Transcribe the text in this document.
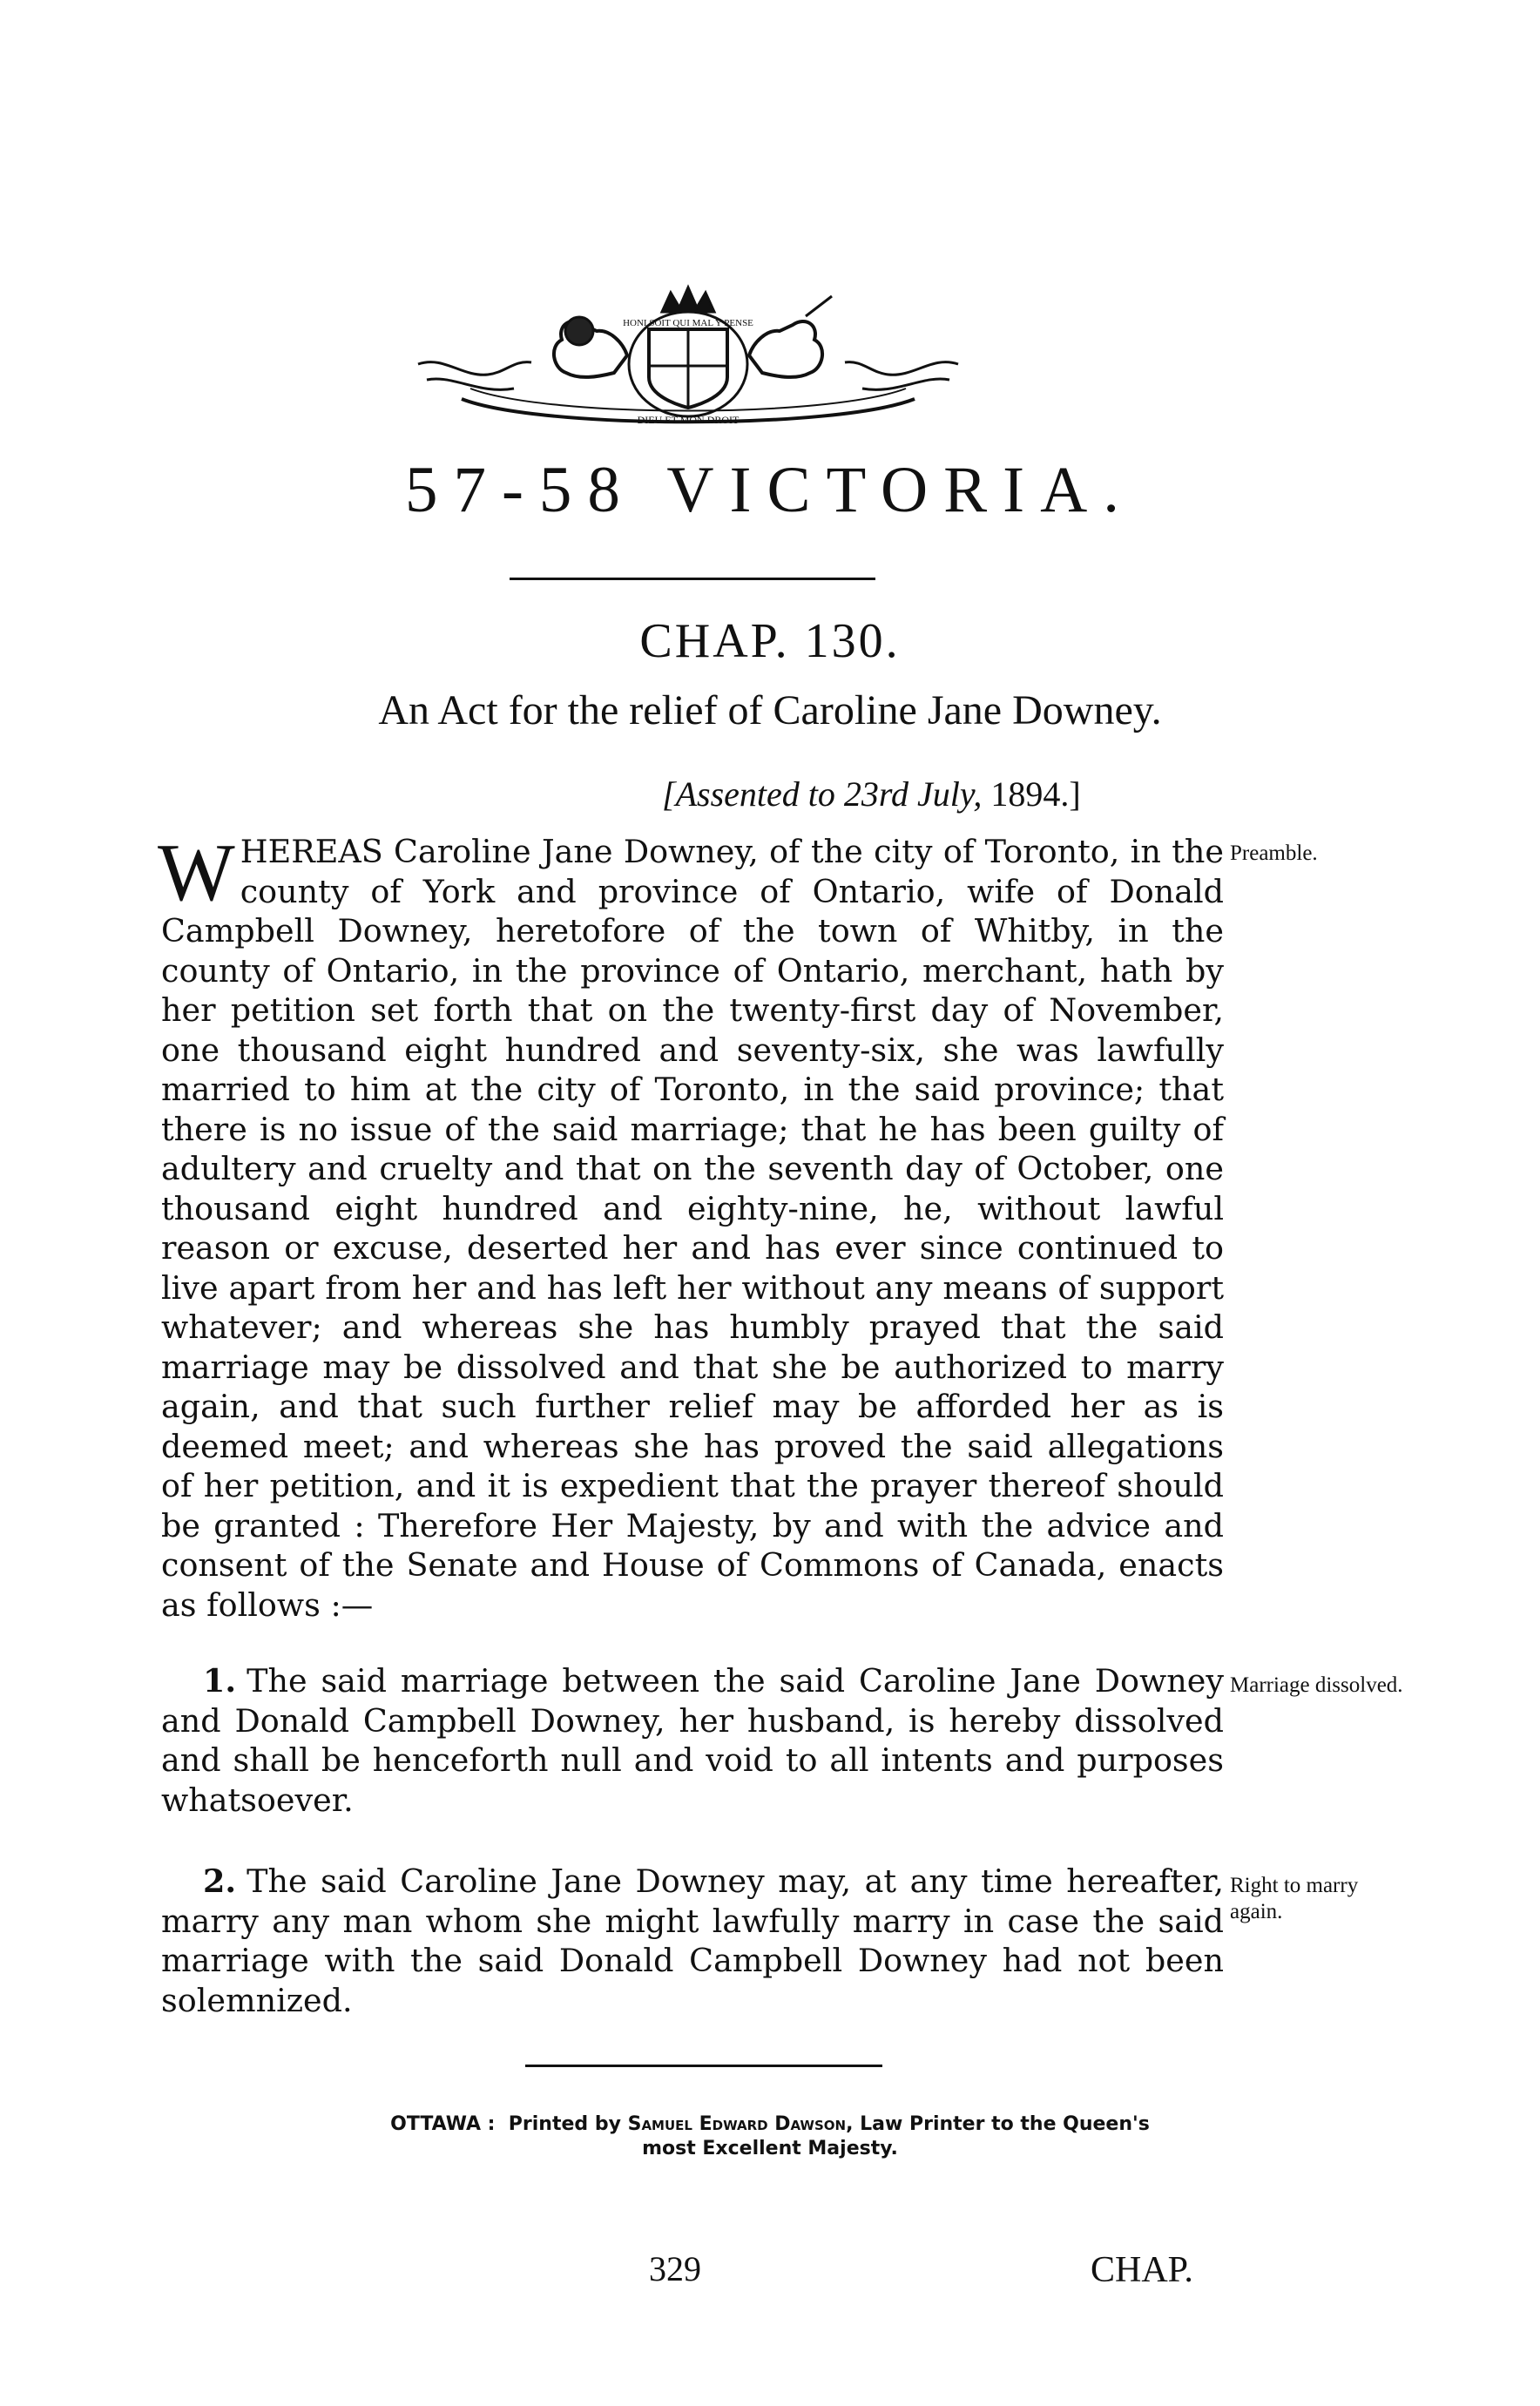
HONI SOIT QUI MAL Y PENSE
DIEU ET MON DROIT
57-58 VICTORIA.
CHAP. 130.
An Act for the relief of Caroline Jane Downey.
[Assented to 23rd July, 1894.]
WHEREAS Caroline Jane Downey, of the city of Toronto, in the county of York and province of Ontario, wife of Donald Campbell Downey, heretofore of the town of Whitby, in the county of Ontario, in the province of Ontario, merchant, hath by her petition set forth that on the twenty-first day of November, one thousand eight hundred and seventy-six, she was lawfully married to him at the city of Toronto, in the said province; that there is no issue of the said marriage; that he has been guilty of adultery and cruelty and that on the seventh day of October, one thousand eight hundred and eighty-nine, he, without lawful reason or excuse, deserted her and has ever since continued to live apart from her and has left her without any means of support whatever; and whereas she has humbly prayed that the said marriage may be dissolved and that she be authorized to marry again, and that such further relief may be afforded her as is deemed meet; and whereas she has proved the said allegations of her petition, and it is expedient that the prayer thereof should be granted : Therefore Her Majesty, by and with the advice and consent of the Senate and House of Commons of Canada, enacts as follows :—
Preamble.
1. The said marriage between the said Caroline Jane Downey and Donald Campbell Downey, her husband, is hereby dissolved and shall be henceforth null and void to all intents and purposes whatsoever.
Marriage dissolved.
2. The said Caroline Jane Downey may, at any time hereafter, marry any man whom she might lawfully marry in case the said marriage with the said Donald Campbell Downey had not been solemnized.
Right to marry again.
OTTAWA : Printed by Samuel Edward Dawson, Law Printer to the Queen's
most Excellent Majesty.
329	CHAP.
